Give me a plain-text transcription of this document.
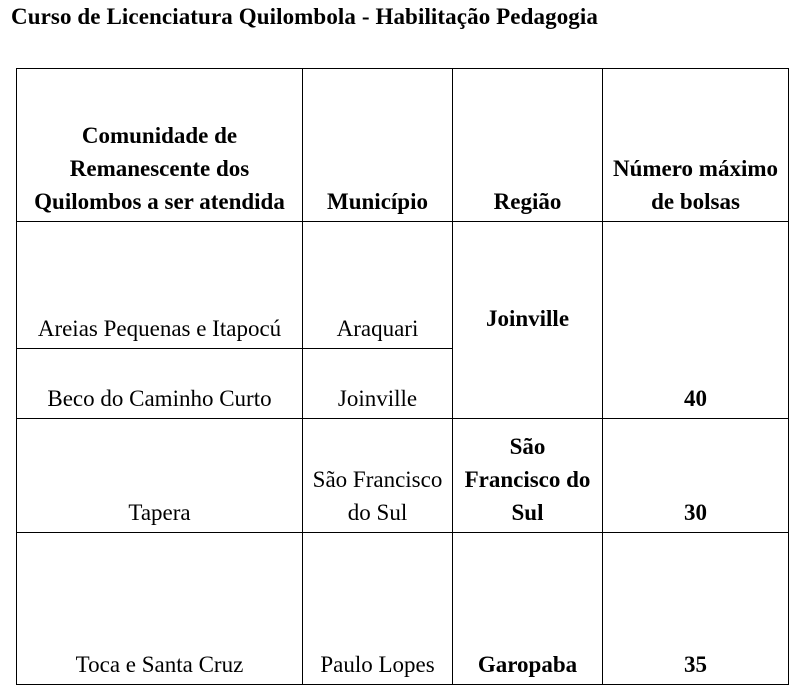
Curso de Licenciatura Quilombola - Habilitação Pedagogia
Comunidade de Remanescente dos Quilombos a ser atendida	Município	Região	Número máximo de bolsas
Areias Pequenas e Itapocú	Araquari	Joinville	40
Beco do Caminho Curto	Joinville		
Tapera	São Francisco do Sul	São Francisco do Sul	30
Toca e Santa Cruz	Paulo Lopes	Garopaba	35
